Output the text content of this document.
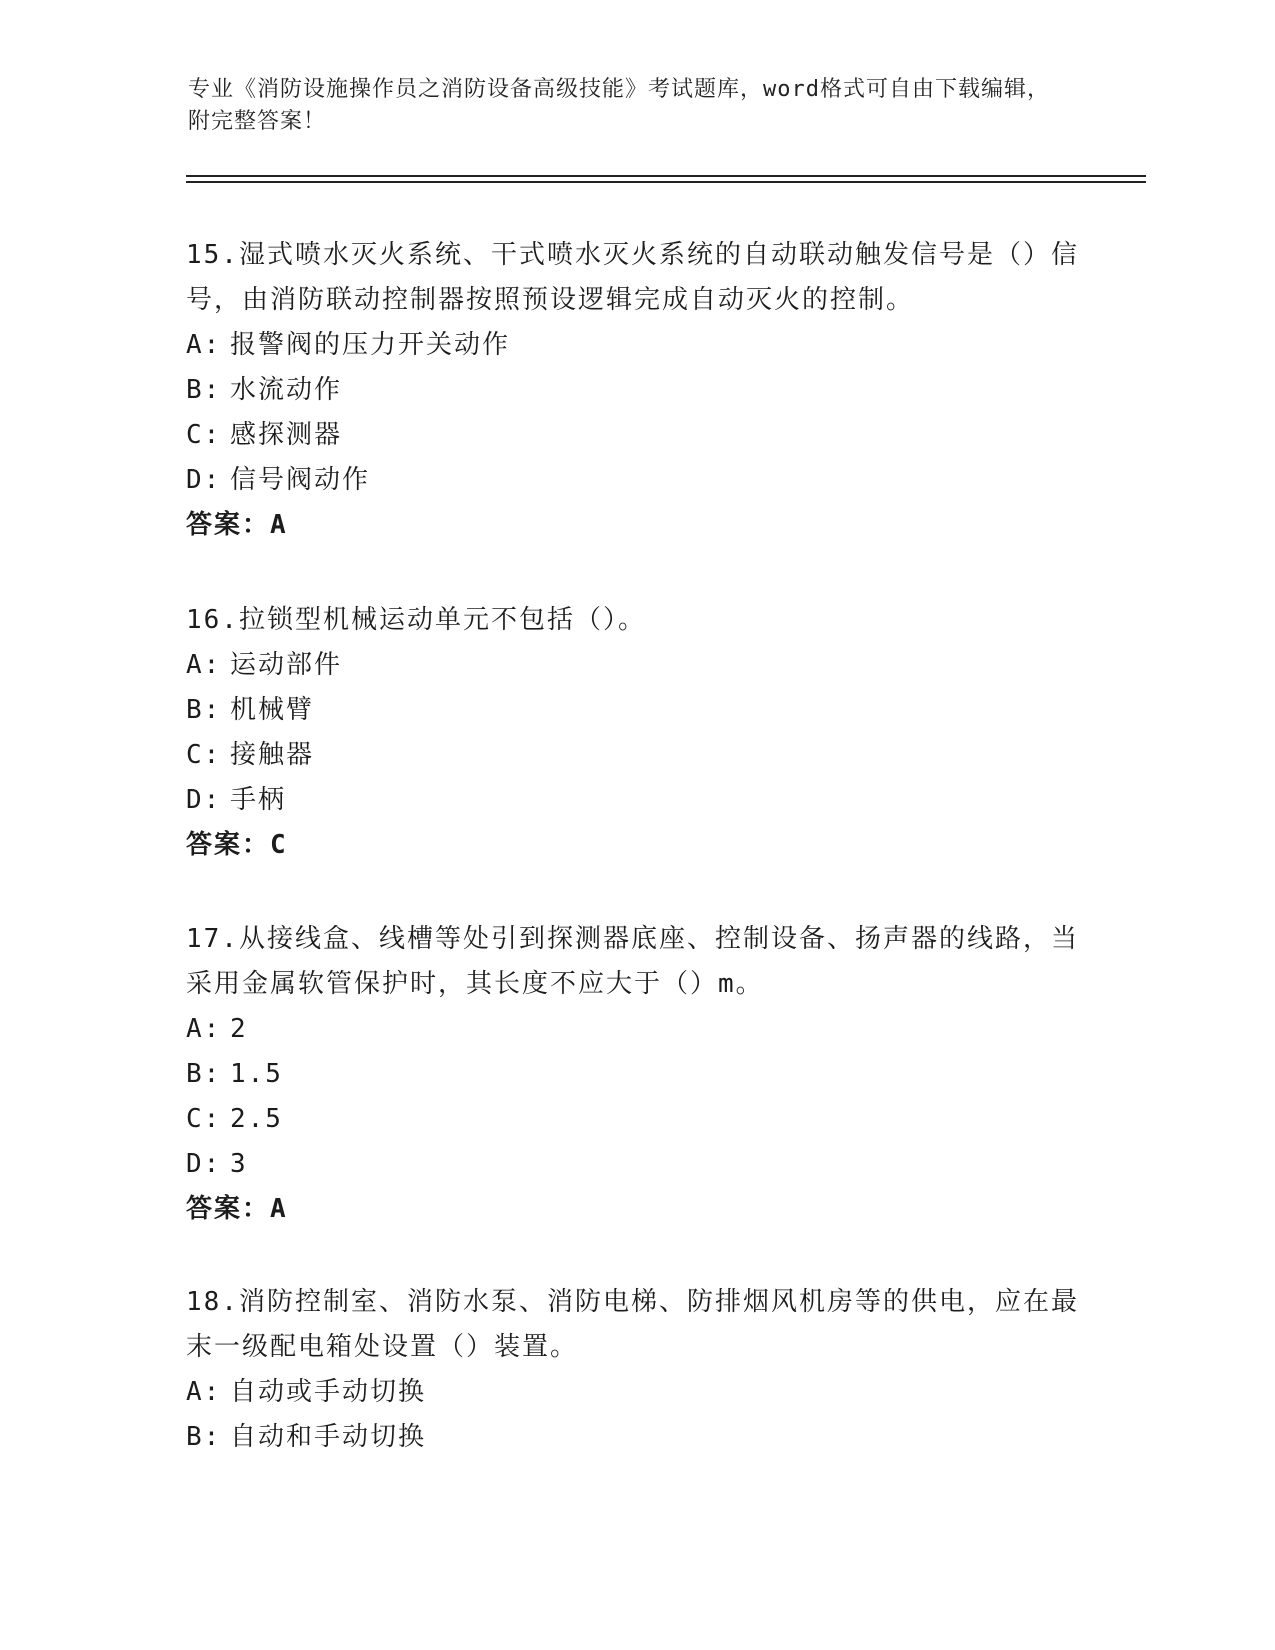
专业《消防设施操作员之消防设备高级技能》考试题库，word格式可自由下载编辑，附完整答案！

15.湿式喷水灭火系统、干式喷水灭火系统的自动联动触发信号是（）信号，由消防联动控制器按照预设逻辑完成自动灭火的控制。

A: 报警阀的压力开关动作

B: 水流动作

C: 感探测器

D: 信号阀动作

答案：A

16.拉锁型机械运动单元不包括（）。

A: 运动部件

B: 机械臂

C: 接触器

D: 手柄

答案：C

17.从接线盒、线槽等处引到探测器底座、控制设备、扬声器的线路，当采用金属软管保护时，其长度不应大于（）m。

A: 2

B: 1.5

C: 2.5

D: 3

答案：A

18.消防控制室、消防水泵、消防电梯、防排烟风机房等的供电，应在最末一级配电箱处设置（）装置。

A: 自动或手动切换

B: 自动和手动切换
